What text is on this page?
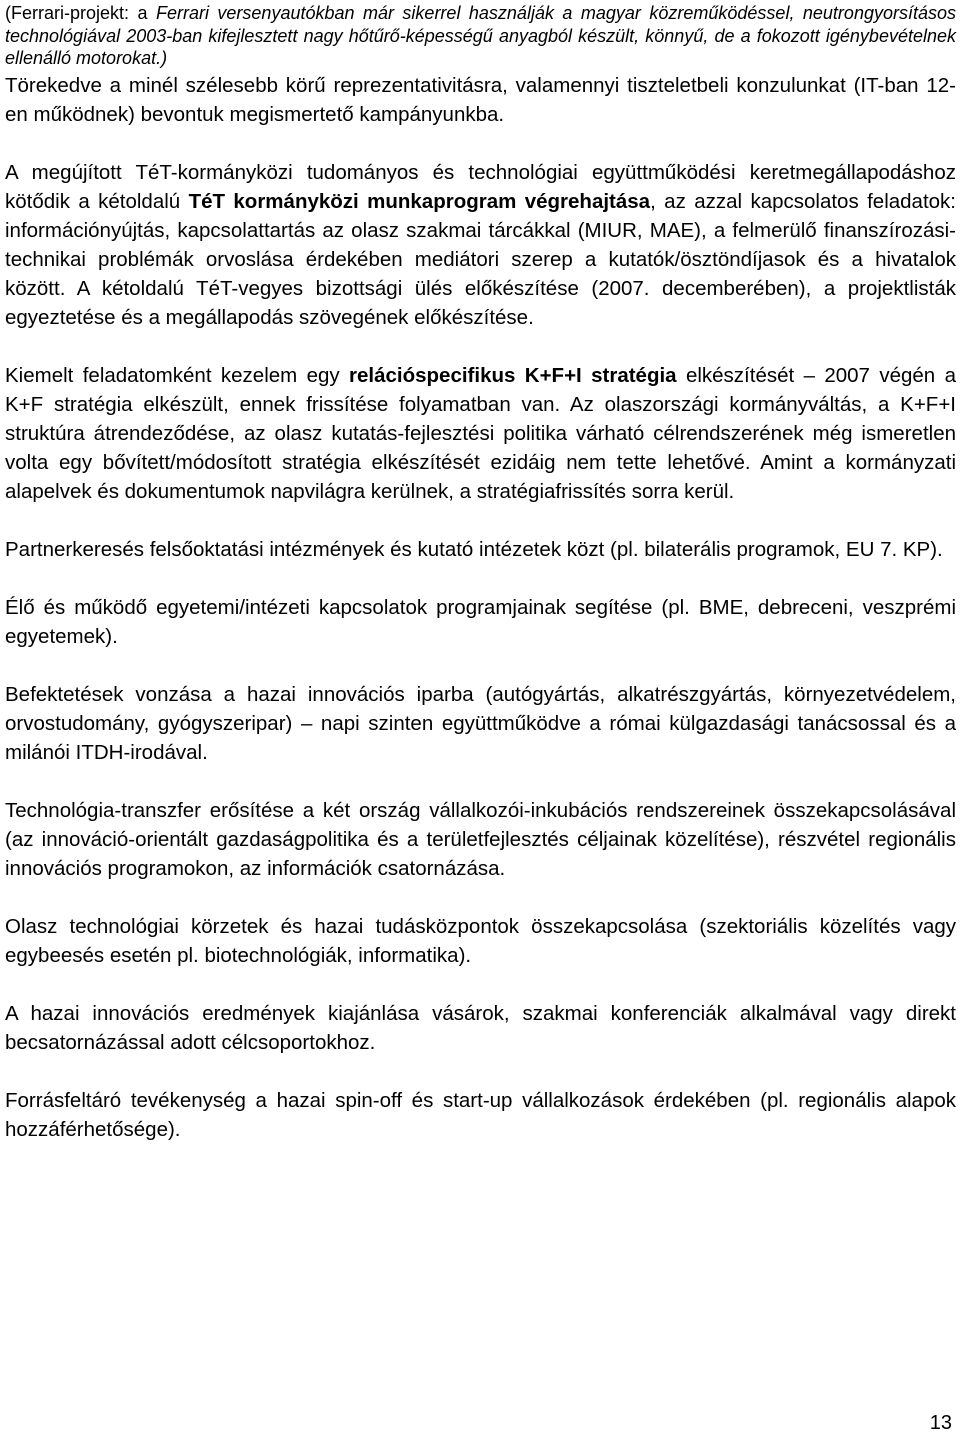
(Ferrari-projekt: a Ferrari versenyautókban már sikerrel használják a magyar közreműködéssel, neutrongyorsításos technológiával 2003-ban kifejlesztett nagy hőtűrő-képességű anyagból készült, könnyű, de a fokozott igénybevételnek ellenálló motorokat.)

Törekedve a minél szélesebb körű reprezentativitásra, valamennyi tiszteletbeli konzulunkat (IT-ban 12-en működnek) bevontuk megismertető kampányunkba.

A megújított TéT-kormányközi tudományos és technológiai együttműködési keretmegállapodáshoz kötődik a kétoldalú TéT kormányközi munkaprogram végrehajtása, az azzal kapcsolatos feladatok: információnyújtás, kapcsolattartás az olasz szakmai tárcákkal (MIUR, MAE), a felmerülő finanszírozási-technikai problémák orvoslása érdekében mediátori szerep a kutatók/ösztöndíjasok és a hivatalok között. A kétoldalú TéT-vegyes bizottsági ülés előkészítése (2007. decemberében), a projektlisták egyeztetése és a megállapodás szövegének előkészítése.

Kiemelt feladatomként kezelem egy relációspecifikus K+F+I stratégia elkészítését – 2007 végén a K+F stratégia elkészült, ennek frissítése folyamatban van. Az olaszországi kormányváltás, a K+F+I struktúra átrendeződése, az olasz kutatás-fejlesztési politika várható célrendszerének még ismeretlen volta egy bővített/módosított stratégia elkészítését ezidáig nem tette lehetővé. Amint a kormányzati alapelvek és dokumentumok napvilágra kerülnek, a stratégiafrissítés sorra kerül.

Partnerkeresés felsőoktatási intézmények és kutató intézetek közt (pl. bilaterális programok, EU 7. KP).

Élő és működő egyetemi/intézeti kapcsolatok programjainak segítése (pl. BME, debreceni, veszprémi egyetemek).

Befektetések vonzása a hazai innovációs iparba (autógyártás, alkatrészgyártás, környezetvédelem, orvostudomány, gyógyszeripar) – napi szinten együttműködve a római külgazdasági tanácsossal és a milánói ITDH-irodával.

Technológia-transzfer erősítése a két ország vállalkozói-inkubációs rendszereinek összekapcsolásával (az innováció-orientált gazdaságpolitika és a területfejlesztés céljainak közelítése), részvétel regionális innovációs programokon, az információk csatornázása.

Olasz technológiai körzetek és hazai tudásközpontok összekapcsolása (szektoriális közelítés vagy egybeesés esetén pl. biotechnológiák, informatika).

A hazai innovációs eredmények kiajánlása vásárok, szakmai konferenciák alkalmával vagy direkt becsatornázással adott célcsoportokhoz.

Forrásfeltáró tevékenység a hazai spin-off és start-up vállalkozások érdekében (pl. regionális alapok hozzáférhetősége).

13
